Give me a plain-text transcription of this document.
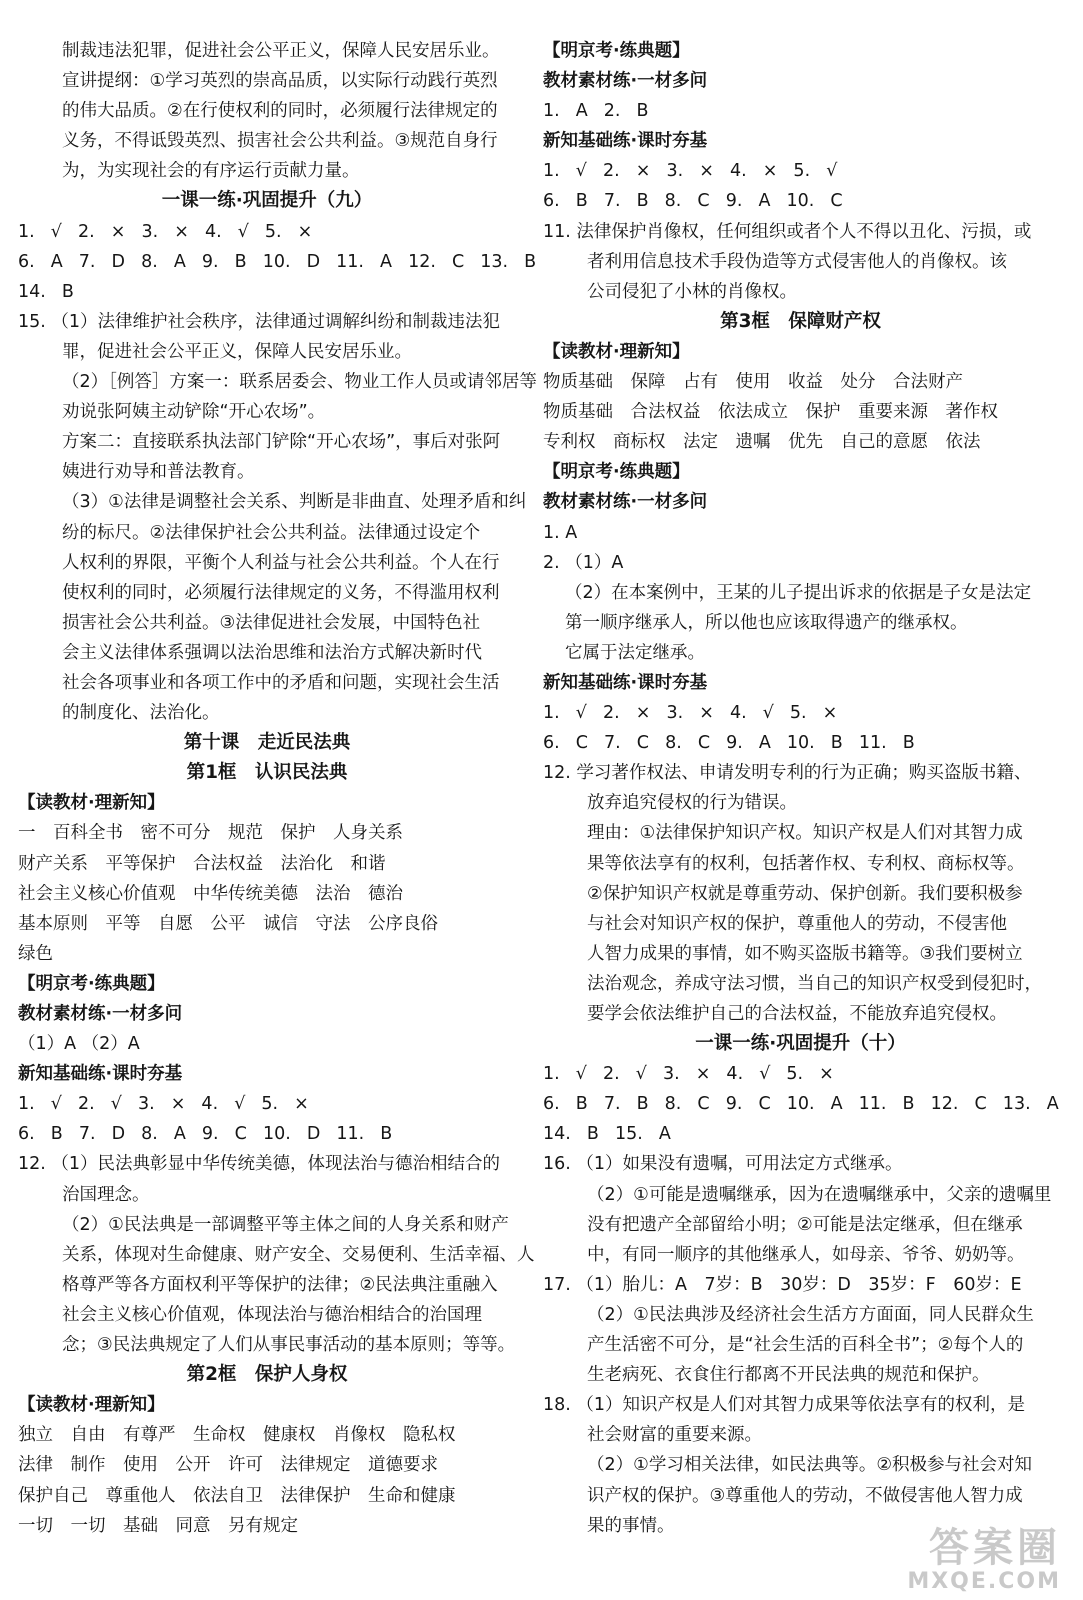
制裁违法犯罪，促进社会公平正义，保障人民安居乐业。
宣讲提纲：①学习英烈的崇高品质，以实际行动践行英烈
的伟大品质。②在行使权利的同时，必须履行法律规定的
义务，不得诋毁英烈、损害社会公共利益。③规范自身行
为，为实现社会的有序运行贡献力量。
一课一练·巩固提升（九）
1. √ 2. × 3. × 4. √ 5. ×
6. A 7. D 8. A 9. B 10. D 11. A 12. C 13. B
14. B
15. （1）法律维护社会秩序，法律通过调解纠纷和制裁违法犯
罪，促进社会公平正义，保障人民安居乐业。
（2）［例答］方案一：联系居委会、物业工作人员或请邻居等
劝说张阿姨主动铲除“开心农场”。
方案二：直接联系执法部门铲除“开心农场”，事后对张阿
姨进行劝导和普法教育。
（3）①法律是调整社会关系、判断是非曲直、处理矛盾和纠
纷的标尺。②法律保护社会公共利益。法律通过设定个
人权利的界限，平衡个人利益与社会公共利益。个人在行
使权利的同时，必须履行法律规定的义务，不得滥用权利
损害社会公共利益。③法律促进社会发展，中国特色社
会主义法律体系强调以法治思维和法治方式解决新时代
社会各项事业和各项工作中的矛盾和问题，实现社会生活
的制度化、法治化。
第十课　走近民法典
第1框　认识民法典
【读教材·理新知】
一　百科全书　密不可分　规范　保护　人身关系
财产关系　平等保护　合法权益　法治化　和谐
社会主义核心价值观　中华传统美德　法治　德治
基本原则　平等　自愿　公平　诚信　守法　公序良俗
绿色
【明京考·练典题】
教材素材练·一材多问
（1）A （2）A
新知基础练·课时夯基
1. √ 2. √ 3. × 4. √ 5. ×
6. B 7. D 8. A 9. C 10. D 11. B
12. （1）民法典彰显中华传统美德，体现法治与德治相结合的
治国理念。
（2）①民法典是一部调整平等主体之间的人身关系和财产
关系，体现对生命健康、财产安全、交易便利、生活幸福、人
格尊严等各方面权利平等保护的法律；②民法典注重融入
社会主义核心价值观，体现法治与德治相结合的治国理
念；③民法典规定了人们从事民事活动的基本原则；等等。
第2框　保护人身权
【读教材·理新知】
独立　自由　有尊严　生命权　健康权　肖像权　隐私权
法律　制作　使用　公开　许可　法律规定　道德要求
保护自己　尊重他人　依法自卫　法律保护　生命和健康
一切　一切　基础　同意　另有规定
【明京考·练典题】
教材素材练·一材多问
1. A 2. B
新知基础练·课时夯基
1. √ 2. × 3. × 4. × 5. √
6. B 7. B 8. C 9. A 10. C
11. 法律保护肖像权，任何组织或者个人不得以丑化、污损，或
者利用信息技术手段伪造等方式侵害他人的肖像权。该
公司侵犯了小林的肖像权。
第3框　保障财产权
【读教材·理新知】
物质基础　保障　占有　使用　收益　处分　合法财产
物质基础　合法权益　依法成立　保护　重要来源　著作权
专利权　商标权　法定　遗嘱　优先　自己的意愿　依法
【明京考·练典题】
教材素材练·一材多问
1. A
2. （1）A
（2）在本案例中，王某的儿子提出诉求的依据是子女是法定
第一顺序继承人，所以他也应该取得遗产的继承权。
它属于法定继承。
新知基础练·课时夯基
1. √ 2. × 3. × 4. √ 5. ×
6. C 7. C 8. C 9. A 10. B 11. B
12. 学习著作权法、申请发明专利的行为正确；购买盗版书籍、
放弃追究侵权的行为错误。
理由：①法律保护知识产权。知识产权是人们对其智力成
果等依法享有的权利，包括著作权、专利权、商标权等。
②保护知识产权就是尊重劳动、保护创新。我们要积极参
与社会对知识产权的保护，尊重他人的劳动，不侵害他
人智力成果的事情，如不购买盗版书籍等。③我们要树立
法治观念，养成守法习惯，当自己的知识产权受到侵犯时，
要学会依法维护自己的合法权益，不能放弃追究侵权。
一课一练·巩固提升（十）
1. √ 2. √ 3. × 4. √ 5. ×
6. B 7. B 8. C 9. C 10. A 11. B 12. C 13. A
14. B 15. A
16. （1）如果没有遗嘱，可用法定方式继承。
（2）①可能是遗嘱继承，因为在遗嘱继承中，父亲的遗嘱里
没有把遗产全部留给小明；②可能是法定继承，但在继承
中，有同一顺序的其他继承人，如母亲、爷爷、奶奶等。
17. （1）胎儿：A　7岁：B　30岁：D　35岁：F　60岁：E
（2）①民法典涉及经济社会生活方方面面，同人民群众生
产生活密不可分，是“社会生活的百科全书”；②每个人的
生老病死、衣食住行都离不开民法典的规范和保护。
18. （1）知识产权是人们对其智力成果等依法享有的权利，是
社会财富的重要来源。
（2）①学习相关法律，如民法典等。②积极参与社会对知
识产权的保护。③尊重他人的劳动，不做侵害他人智力成
果的事情。	答案圈
MXQE.COM
